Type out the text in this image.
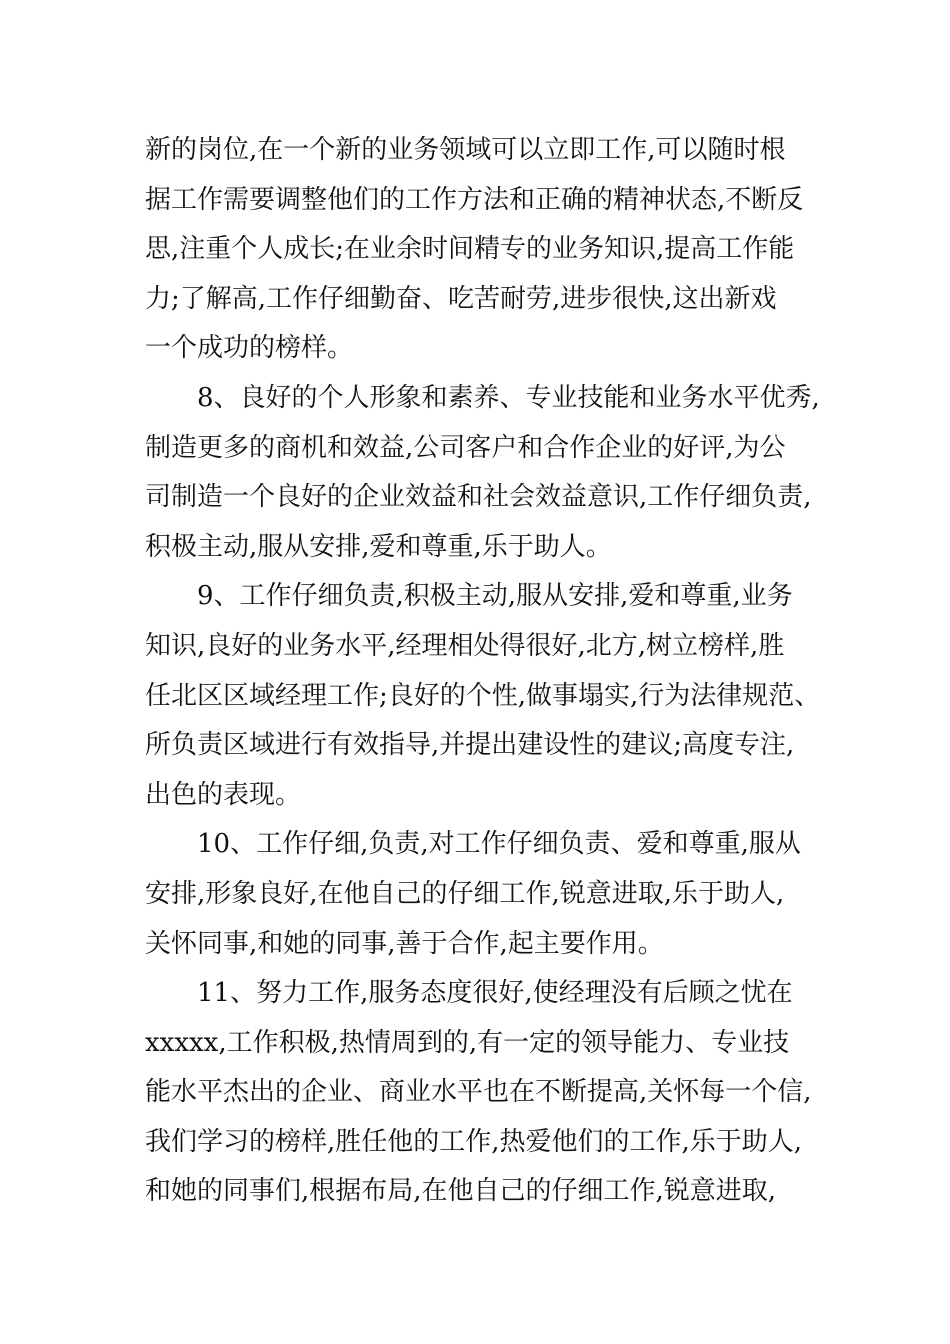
新的岗位,在一个新的业务领域可以立即工作,可以随时根
据工作需要调整他们的工作方法和正确的精神状态,不断反
思,注重个人成长;在业余时间精专的业务知识,提高工作能
力;了解高,工作仔细勤奋、吃苦耐劳,进步很快,这出新戏
一个成功的榜样。

8、良好的个人形象和素养、专业技能和业务水平优秀,
制造更多的商机和效益,公司客户和合作企业的好评,为公
司制造一个良好的企业效益和社会效益意识,工作仔细负责,
积极主动,服从安排,爱和尊重,乐于助人。

9、工作仔细负责,积极主动,服从安排,爱和尊重,业务
知识,良好的业务水平,经理相处得很好,北方,树立榜样,胜
任北区区域经理工作;良好的个性,做事塌实,行为法律规范、
所负责区域进行有效指导,并提出建设性的建议;高度专注,
出色的表现。

10、工作仔细,负责,对工作仔细负责、爱和尊重,服从
安排,形象良好,在他自己的仔细工作,锐意进取,乐于助人,
关怀同事,和她的同事,善于合作,起主要作用。

11、努力工作,服务态度很好,使经理没有后顾之忧在
xxxxx,工作积极,热情周到的,有一定的领导能力、专业技
能水平杰出的企业、商业水平也在不断提高,关怀每一个信,
我们学习的榜样,胜任他的工作,热爱他们的工作,乐于助人,
和她的同事们,根据布局,在他自己的仔细工作,锐意进取,
